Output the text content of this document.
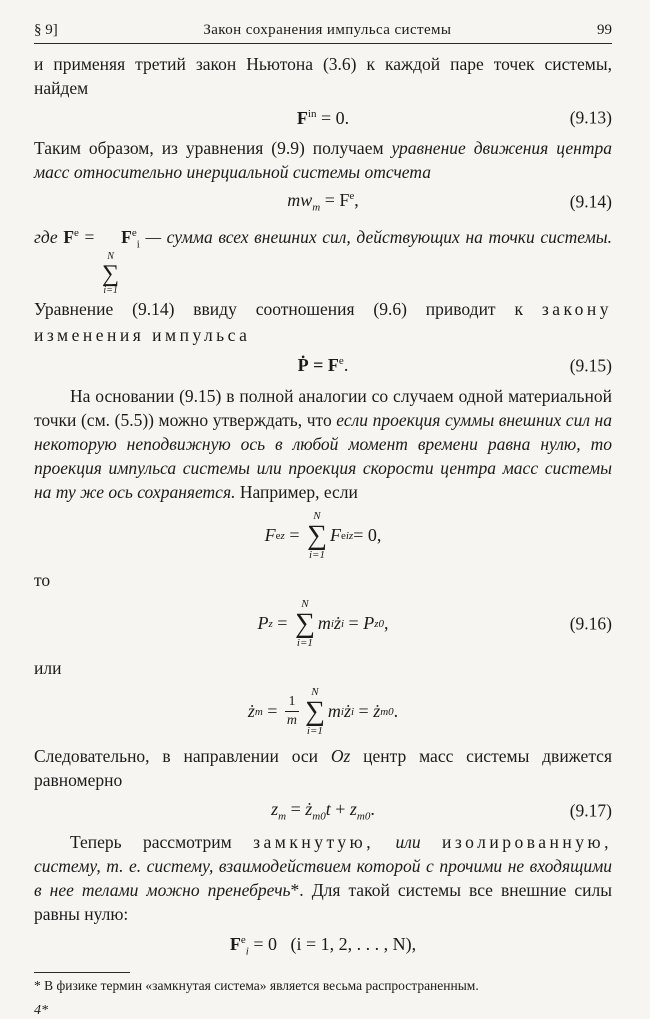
§ 9]	Закон сохранения импульса системы	99

и применяя третий закон Ньютона (3.6) к каждой паре точек системы, найдем

$F^{in} = 0$.	(9.13)

Таким образом, из уравнения (9.9) получаем уравнение движения центра масс относительно инерциальной системы отсчета

$mw_m = F^e$,	(9.14)

где $F^e$ =
N
∑
i=1
$F^e_i$ — сумма всех внешних сил, действующих на точки системы. Уравнение (9.14) ввиду соотношения (9.6) приводит к закону изменения импульса

Ṗ = $F^e$.	(9.15)

На основании (9.15) в полной аналогии со случаем одной материальной точки (см. (5.5)) можно утверждать, что если проекция суммы внешних сил на некоторую неподвижную ось в любой момент времени равна нулю, то проекция импульса системы или проекция скорости центра масс системы на ту же ось сохраняется. Например, если

F e z =
N
∑
i=1
F e iz = 0,

то

P z =
N
∑
i=1
m i ż i = P z0 ,	(9.16)

или

ż $m = \frac{1}{m}$
N
∑
i=1
m i ż i = ż m0 .

Следовательно, в направлении оси Oz центр масс системы движется равномерно

$z_m$ = $ż_{m0}t + z_{m0}$.	(9.17)

Теперь рассмотрим замкнутую, или изолированную, систему, т. е. систему, взаимодействием которой с прочими не входящими в нее телами можно пренебречь*. Для такой системы все внешние силы равны нулю:

$F^e_i = 0$   (i = 1, 2, . . . , N),
* В физике термин «замкнутая система» является весьма распространенным.
4*
